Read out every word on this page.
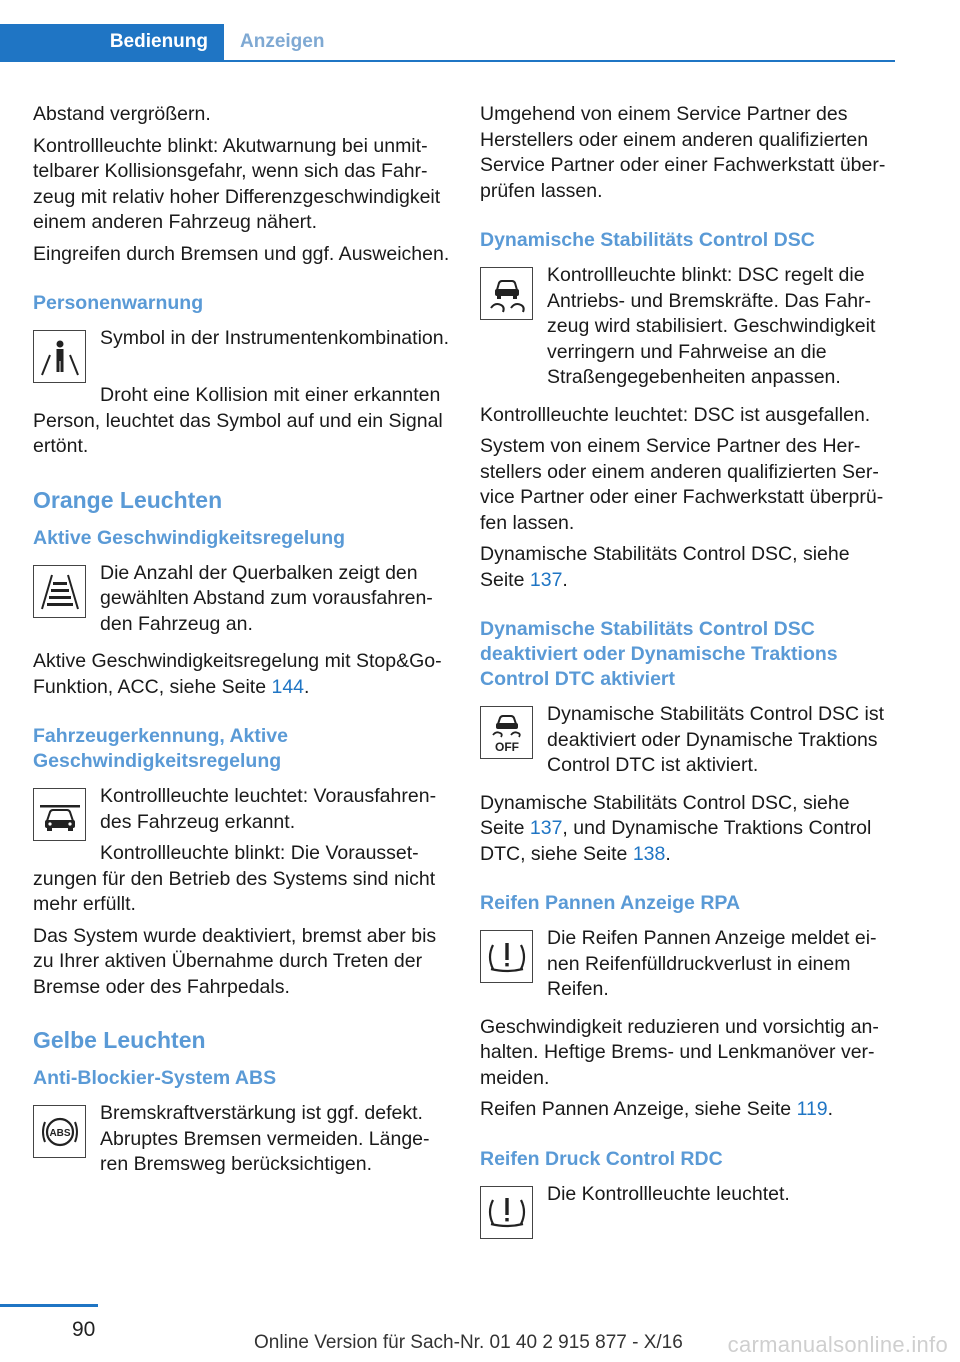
Bedienung	Anzeigen

Abstand vergrößern.

Kontrollleuchte blinkt: Akutwarnung bei unmittelbarer Kollisionsgefahr, wenn sich das Fahrzeug mit relativ hoher Differenzgeschwindigkeit einem anderen Fahrzeug nähert.

Eingreifen durch Bremsen und ggf. Ausweichen.

Personenwarnung

Symbol in der Instrumentenkombination.

Droht eine Kollision mit einer erkannten Person, leuchtet das Symbol auf und ein Signal ertönt.

Orange Leuchten
Aktive Geschwindigkeitsregelung

Die Anzahl der Querbalken zeigt den gewählten Abstand zum vorausfahrenden Fahrzeug an.

Aktive Geschwindigkeitsregelung mit Stop&Go-Funktion, ACC, siehe Seite 144.

Fahrzeugerkennung, Aktive Geschwindigkeitsregelung

Kontrollleuchte leuchtet: Vorausfahrendes Fahrzeug erkannt.

Kontrollleuchte blinkt: Die Voraussetzungen für den Betrieb des Systems sind nicht mehr erfüllt.

Das System wurde deaktiviert, bremst aber bis zu Ihrer aktiven Übernahme durch Treten der Bremse oder des Fahrpedals.

Gelbe Leuchten
Anti-Blockier-System ABS
ABS

Bremskraftverstärkung ist ggf. defekt. Abruptes Bremsen vermeiden. Längeren Bremsweg berücksichtigen.

Umgehend von einem Service Partner des Herstellers oder einem anderen qualifizierten Service Partner oder einer Fachwerkstatt überprüfen lassen.

Dynamische Stabilitäts Control DSC

Kontrollleuchte blinkt: DSC regelt die Antriebs- und Bremskräfte. Das Fahrzeug wird stabilisiert. Geschwindigkeit verringern und Fahrweise an die Straßengegebenheiten anpassen.

Kontrollleuchte leuchtet: DSC ist ausgefallen.

System von einem Service Partner des Herstellers oder einem anderen qualifizierten Service Partner oder einer Fachwerkstatt überprüfen lassen.

Dynamische Stabilitäts Control DSC, siehe Seite 137.

Dynamische Stabilitäts Control DSC deaktiviert oder Dynamische Traktions Control DTC aktiviert
OFF

Dynamische Stabilitäts Control DSC ist deaktiviert oder Dynamische Traktions Control DTC ist aktiviert.

Dynamische Stabilitäts Control DSC, siehe Seite 137, und Dynamische Traktions Control DTC, siehe Seite 138.

Reifen Pannen Anzeige RPA

Die Reifen Pannen Anzeige meldet einen Reifenfülldruckverlust in einem Reifen.

Geschwindigkeit reduzieren und vorsichtig anhalten. Heftige Brems- und Lenkmanöver vermeiden.

Reifen Pannen Anzeige, siehe Seite 119.

Reifen Druck Control RDC

Die Kontrollleuchte leuchtet.

90
Online Version für Sach-Nr. 01 40 2 915 877 - X/16 carmanualsonline.info
